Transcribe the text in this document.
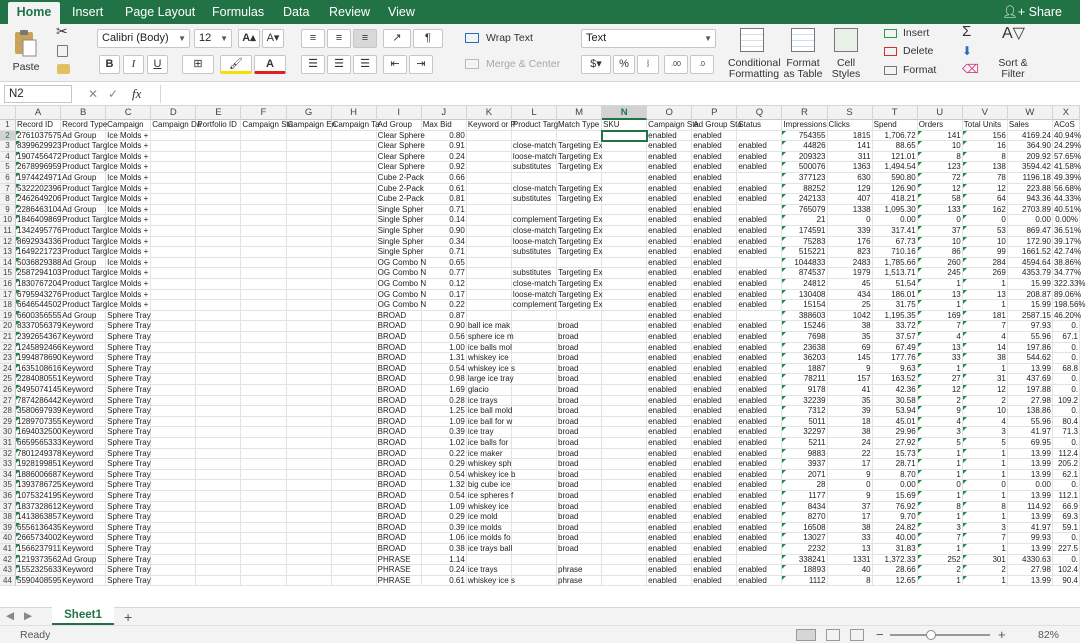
Home	Insert Page Layout Formulas Data Review View	👤︎+ Share
Paste
✂	Calibri (Body) ▼	12 ▼	A▴ A▾
B	I	U	⊞	🖌︎	A
≡	≡	≡	↗	¶
☰	☰	☰	⇤	⇥
Wrap Text
Merge & Center
Text	▼
$▾	%	⧘	.00	.0	Conditional
Formatting
Format
as Table
Cell
Styles
Insert
Delete
Format
Σ
⬇
⌫
A▽
Sort &
Filter
N2	✕ ✓ fx
A	B	C	D	E	F	G	H	I	J	K	L	M	N	O	P	Q	R	S	T	U	V	W	X
1 Record ID	Record Type Campaign	Campaign Da
Portfolio ID Campaign Sta
Campaign En
Campaign Ta
Ad Group	Max Bid	Keyword or P
Product Targ Match Type SKU	Campaign Sta
Ad Group Sta
Status	Impressions Clicks	Spend	Orders	Total Units Sales	ACoS
2 2761037575 Ad Group	Ice Molds +	Clear Sphere	0.80	enabled	enabled	754355	1815	1,706.72	141	156	4169.24 40.94%
3 8399629923 Product Targ Ice Molds +	Clear Sphere	0.91	close-match Targeting Ex	enabled	enabled	enabled	44826	141	88.65	10	16	364.90 24.29%
4 1907456472 Product Targ Ice Molds +	Clear Sphere	0.24	loose-match Targeting Ex	enabled	enabled	enabled	209323	311	121.01	8	8	209.92 57.65%
5 2678996959 Product Targ Ice Molds +	Clear Sphere	0.92	substitutes Targeting Ex	enabled	enabled	enabled	500076	1363	1,494.54	123	138	3594.42 41.58%
6 1974424971 Ad Group	Ice Molds +	Cube 2-Pack	0.66	enabled	enabled	377123	630	590.80	72	78	1196.18 49.39%
7 5322202396 Product Targ Ice Molds +	Cube 2-Pack	0.61	close-match Targeting Ex	enabled	enabled	enabled	88252	129	126.90	12	12	223.88 56.68%
8 2462649206 Product Targ Ice Molds +	Cube 2-Pack	0.81	substitutes Targeting Ex	enabled	enabled	enabled	242133	407	418.21	58	64	943.36 44.33%
9 2286463104 Ad Group	Ice Molds +	Single Spher	0.71	enabled	enabled	765079	1338	1,095.30	133	162	2703.89 40.51%
10 1846409869 Product Targ Ice Molds +	Single Spher	0.14	complement Targeting Ex	enabled	enabled	enabled	21	0	0.00	0	0	0.00 0.00%
11 1342495776 Product Targ Ice Molds +	Single Spher	0.90	close-match Targeting Ex	enabled	enabled	enabled	174591	339	317.41	37	53	869.47 36.51%
12 8692934336 Product Targ Ice Molds +	Single Spher	0.34	loose-match Targeting Ex	enabled	enabled	enabled	75283	176	67.73	10	10	172.90 39.17%
13 1649221723 Product Targ Ice Molds +	Single Spher	0.71	substitutes Targeting Ex	enabled	enabled	enabled	515221	823	710.16	86	99	1661.52 42.74%
14 5036829388 Ad Group	Ice Molds +	OG Combo N	0.65	enabled	enabled	1044833	2483	1,785.66	260	284	4594.64 38.86%
15 2587294103 Product Targ Ice Molds +	OG Combo N	0.77	substitutes Targeting Ex	enabled	enabled	enabled	874537	1979	1,513.71	245	269	4353.79 34.77%
16 1830767204 Product Targ Ice Molds +	OG Combo N	0.12	close-match Targeting Ex	enabled	enabled	enabled	24812	45	51.54	1	1	15.99 322.33%
17 6795943276 Product Targ Ice Molds +	OG Combo N	0.17	loose-match Targeting Ex	enabled	enabled	enabled	130408	434	186.01	13	13	208.87 89.06%
18 6646544502 Product Targ Ice Molds +	OG Combo N	0.22	complement Targeting Ex	enabled	enabled	enabled	15154	25	31.75	1	1	15.99 198.56%
19 6600356555 Ad Group	Sphere Tray	BROAD	0.87	enabled	enabled	388603	1042	1,195.35	169	181	2587.15 46.20%
20 8337056379 Keyword	Sphere Tray	BROAD	0.90 ball ice mak	broad	enabled	enabled	enabled	15246	38	33.72	7	7	97.93	0.
21 2392654367 Keyword	Sphere Tray	BROAD	0.56 sphere ice m	broad	enabled	enabled	enabled	7698	35	37.57	4	4	55.96	67.1
22 1245892466 Keyword	Sphere Tray	BROAD	1.00 ice balls mol	broad	enabled	enabled	enabled	23638	69	67.49	13	14	197.86	0.
23 1994878690 Keyword	Sphere Tray	BROAD	1.31 whiskey ice	broad	enabled	enabled	enabled	36203	145	177.76	33	38	544.62	0.
24 1635108616 Keyword	Sphere Tray	BROAD	0.54 whiskey ice s	broad	enabled	enabled	enabled	1887	9	9.63	1	1	13.99	68.8
25 2284080551 Keyword	Sphere Tray	BROAD	0.98 large ice tray	broad	enabled	enabled	enabled	78211	157	163.52	27	31	437.69	0.
26 3495074145 Keyword	Sphere Tray	BROAD	1.69 glacio	broad	enabled	enabled	enabled	9178	41	42.36	12	12	197.88	0.
27 7874286442 Keyword	Sphere Tray	BROAD	0.28 ice trays	broad	enabled	enabled	enabled	32239	35	30.58	2	2	27.98 109.2
28 3580697939 Keyword	Sphere Tray	BROAD	1.25 ice ball mold	broad	enabled	enabled	enabled	7312	39	53.94	9	10	138.86	0.
29 1289707355 Keyword	Sphere Tray	BROAD	1.09 ice ball for w	broad	enabled	enabled	enabled	5011	18	45.01	4	4	55.96	80.4
30 1694032500 Keyword	Sphere Tray	BROAD	0.39 ice tray	broad	enabled	enabled	enabled	32297	38	29.96	3	3	41.97	71.3
31 6659565333 Keyword	Sphere Tray	BROAD	1.02 ice balls for	broad	enabled	enabled	enabled	5211	24	27.92	5	5	69.95	0.
32 7801249378 Keyword	Sphere Tray	BROAD	0.22 ice maker	broad	enabled	enabled	enabled	9883	22	15.73	1	1	13.99 112.4
33 1928199851 Keyword	Sphere Tray	BROAD	0.29 whiskey sph	broad	enabled	enabled	enabled	3937	17	28.71	1	1	13.99 205.2
34 1886006687 Keyword	Sphere Tray	BROAD	0.54 whiskey ice b	broad	enabled	enabled	enabled	2071	9	8.70	1	1	13.99	62.1
35 1393786725 Keyword	Sphere Tray	BROAD	1.32 big cube ice	broad	enabled	enabled	enabled	28	0	0.00	0	0	0.00	0.
36 1075324195 Keyword	Sphere Tray	BROAD	0.54 ice spheres f	broad	enabled	enabled	enabled	1177	9	15.69	1	1	13.99 112.1
37 1837328612 Keyword	Sphere Tray	BROAD	1.09 whiskey ice	broad	enabled	enabled	enabled	8434	37	76.92	8	8	114.92	66.9
38 1413863857 Keyword	Sphere Tray	BROAD	0.29 ice mold	broad	enabled	enabled	enabled	8270	17	9.70	1	1	13.99	69.3
39 6556136435 Keyword	Sphere Tray	BROAD	0.39 ice molds	broad	enabled	enabled	enabled	16508	38	24.82	3	3	41.97	59.1
40 2665734002 Keyword	Sphere Tray	BROAD	1.06 ice molds fo	broad	enabled	enabled	enabled	13027	33	40.00	7	7	99.93	0.
41 1566237911 Keyword	Sphere Tray	BROAD	0.38 ice trays ball	broad	enabled	enabled	enabled	2232	13	31.83	1	1	13.99 227.5
42 1219373562 Ad Group	Sphere Tray	PHRASE	1.14	enabled	enabled	338241	1331	1,372.33	252	301	4330.63	0.
43 1552325633 Keyword	Sphere Tray	PHRASE	0.24 ice trays	phrase	enabled	enabled	enabled	18893	40	28.66	2	2	27.98 102.4
44 5590408595 Keyword	Sphere Tray	PHRASE	0.61 whiskey ice s	phrase	enabled	enabled	enabled	1112	8	12.65	1	1	13.99	90.4
◀ ▶	Sheet1	+
Ready	−	+	82%
